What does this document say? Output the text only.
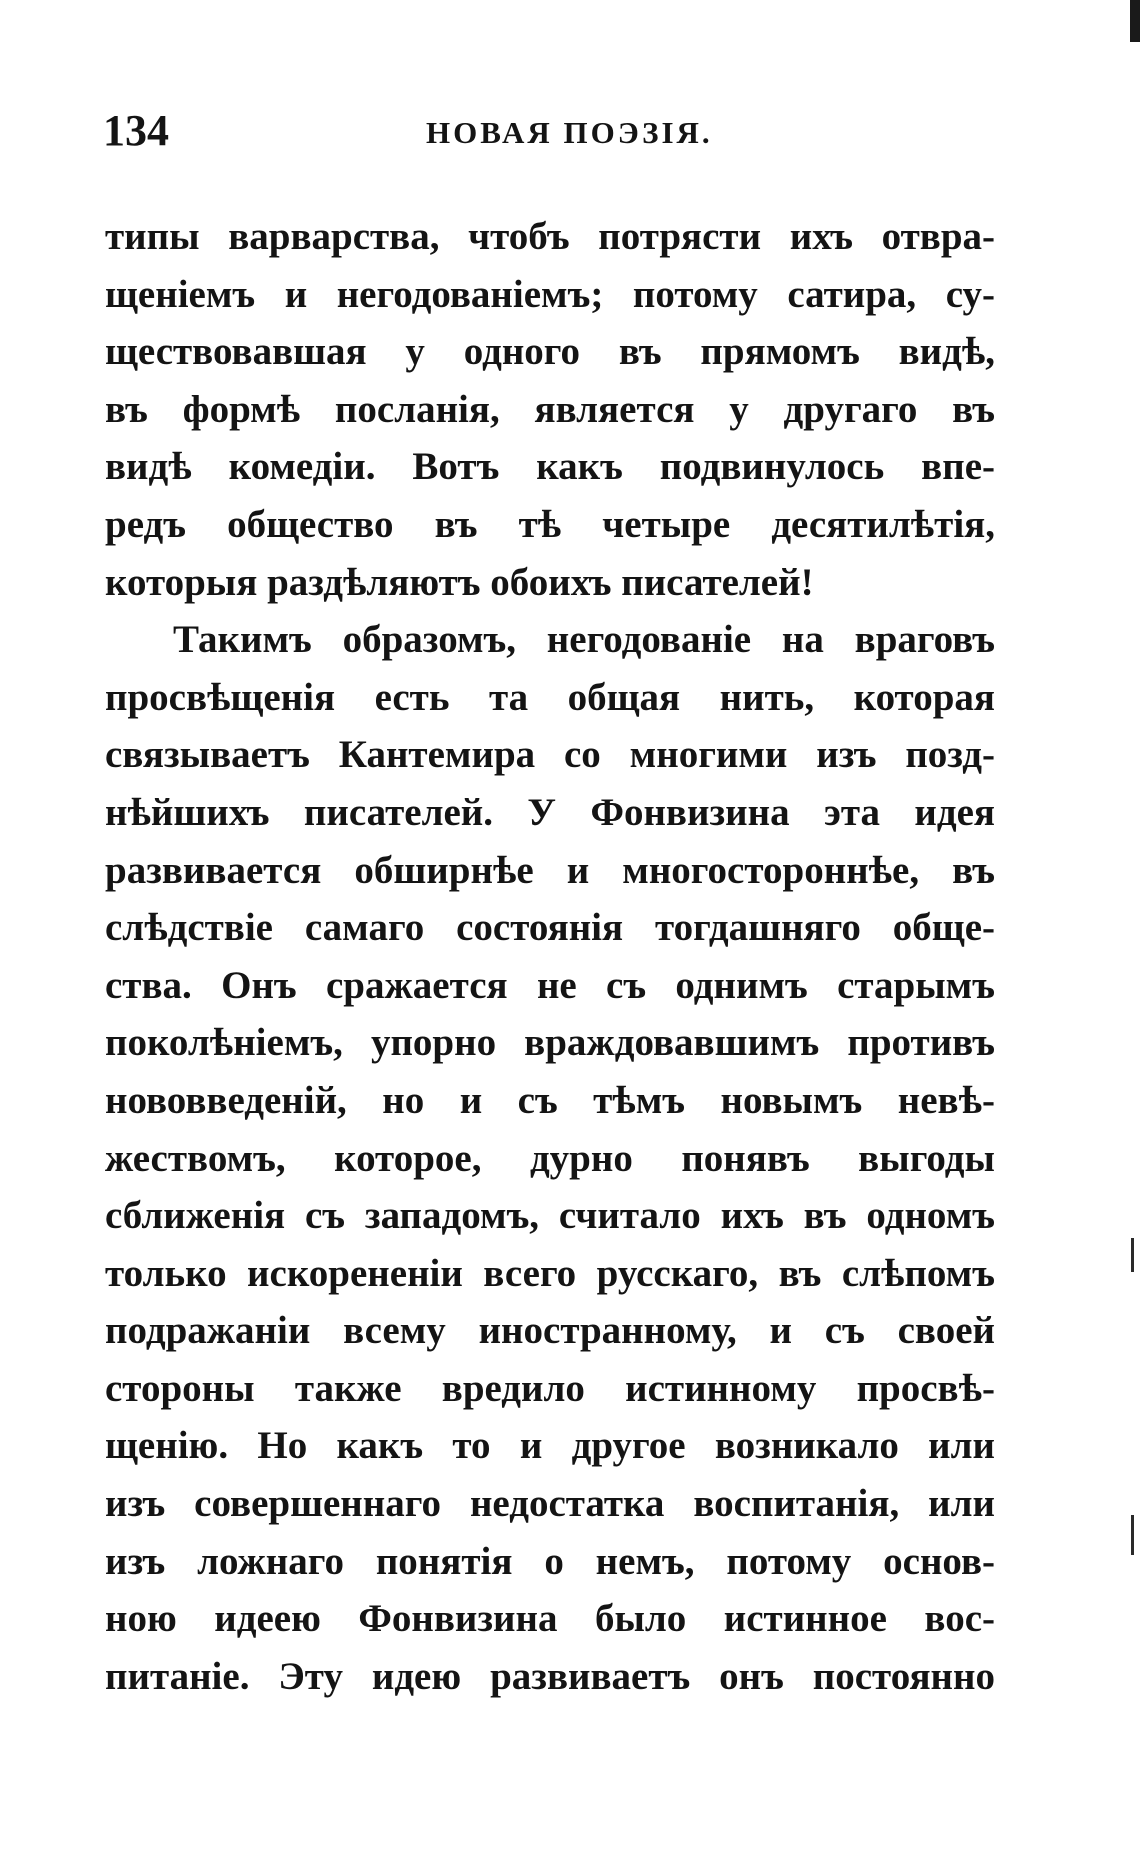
134	НОВАЯ ПОЭЗІЯ.
типы варварства, чтобъ потрясти ихъ отвра-
щеніемъ и негодованіемъ; потому сатира, су-
ществовавшая у одного въ прямомъ видѣ,
въ формѣ посланія, является у другаго въ
видѣ комедіи. Вотъ какъ подвинулось впе-
редъ общество въ тѣ четыре десятилѣтія,
которыя раздѣляютъ обоихъ писателей!
Такимъ образомъ, негодованіе на враговъ
просвѣщенія есть та общая нить, которая
связываетъ Кантемира со многими изъ позд-
нѣйшихъ писателей. У Фонвизина эта идея
развивается обширнѣе и многостороннѣе, въ
слѣдствіе самаго состоянія тогдашняго обще-
ства. Онъ сражается не съ однимъ старымъ
поколѣніемъ, упорно враждовавшимъ противъ
нововведеній, но и съ тѣмъ новымъ невѣ-
жествомъ, которое, дурно понявъ выгоды
сближенія съ западомъ, считало ихъ въ одномъ
только искорененіи всего русскаго, въ слѣпомъ
подражаніи всему иностранному, и съ своей
стороны также вредило истинному просвѣ-
щенію. Но какъ то и другое возникало или
изъ совершеннаго недостатка воспитанія, или
изъ ложнаго понятія о немъ, потому основ-
ною идеею Фонвизина было истинное вос-
питаніе. Эту идею развиваетъ онъ постоянно
